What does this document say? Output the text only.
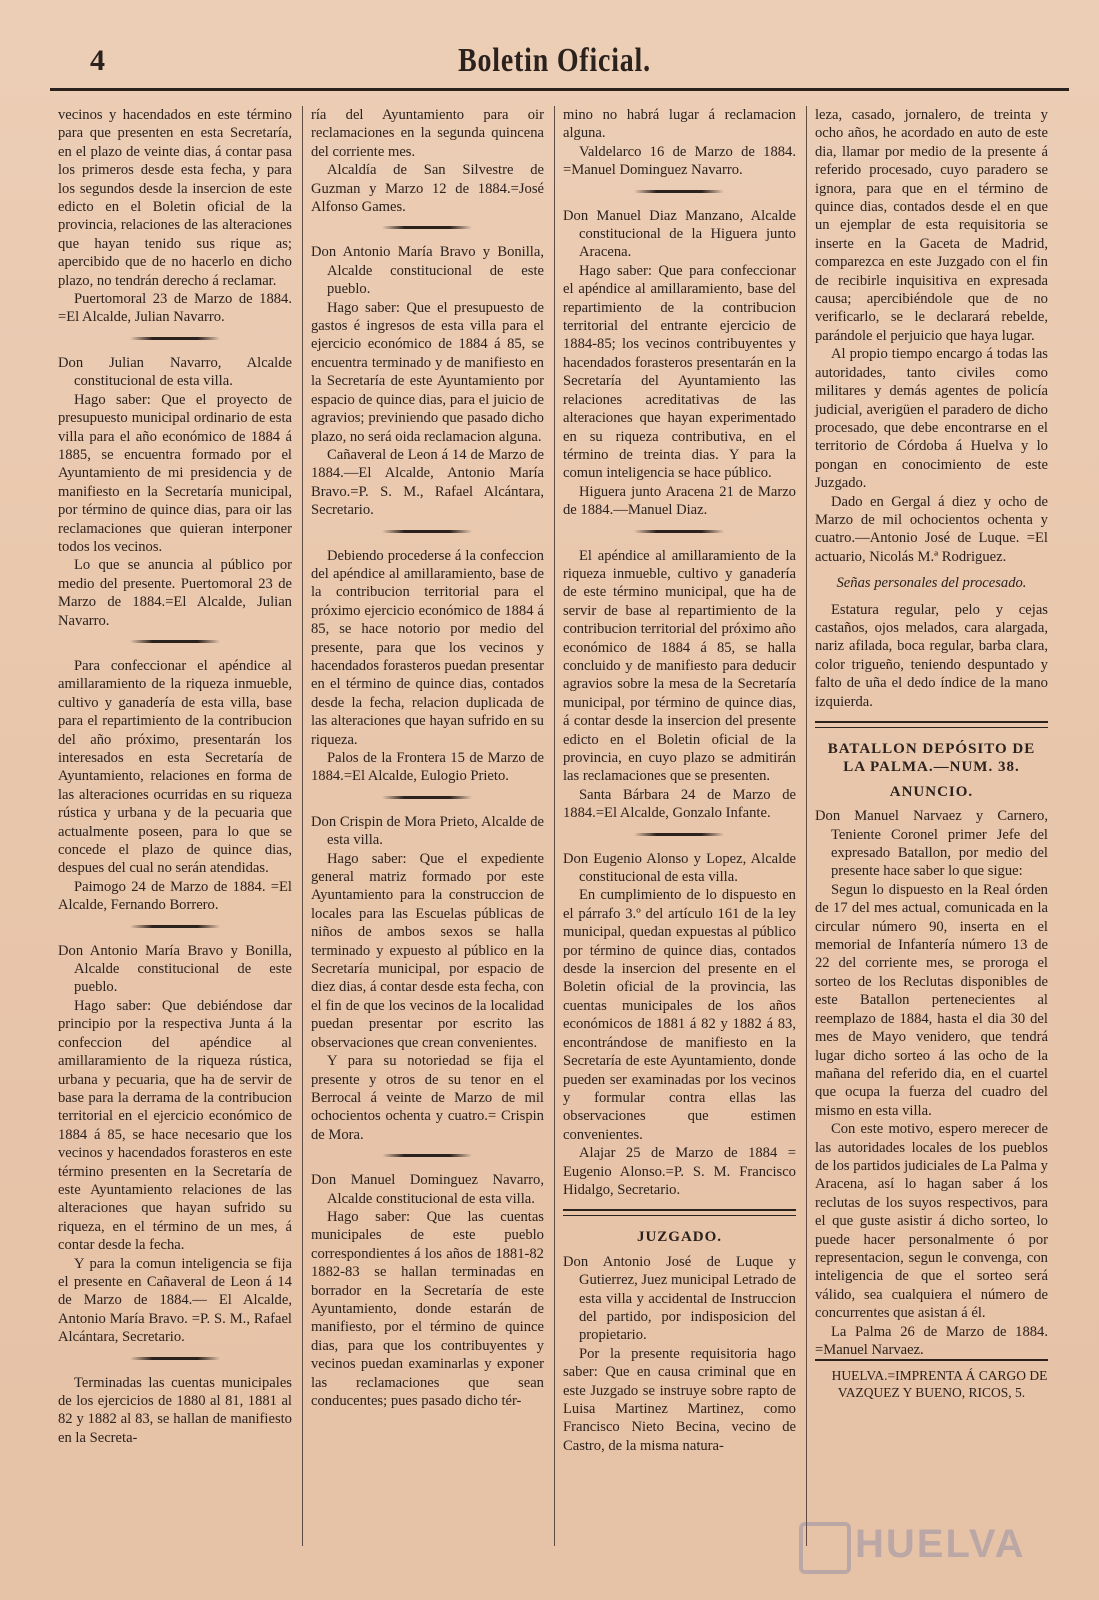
4	Boletin Oficial.

vecinos y hacendados en este término para que presenten en esta Secretaría, en el plazo de veinte dias, á contar pasa los primeros desde esta fecha, y para los segundos desde la insercion de este edicto en el Boletin oficial de la provincia, relaciones de las alteraciones que hayan tenido sus rique as; apercibido que de no hacerlo en dicho plazo, no tendrán derecho á reclamar.

Puertomoral 23 de Marzo de 1884. =El Alcalde, Julian Navarro.

Don Julian Navarro, Alcalde constitucional de esta villa.

Hago saber: Que el proyecto de presupuesto municipal ordinario de esta villa para el año económico de 1884 á 1885, se encuentra formado por el Ayuntamiento de mi presidencia y de manifiesto en la Secretaría municipal, por término de quince dias, para oir las reclamaciones que quieran interponer todos los vecinos.

Lo que se anuncia al público por medio del presente. Puertomoral 23 de Marzo de 1884.=El Alcalde, Julian Navarro.

Para confeccionar el apéndice al amillaramiento de la riqueza inmueble, cultivo y ganadería de esta villa, base para el repartimiento de la contribucion del año próximo, presentarán los interesados en esta Secretaría de Ayuntamiento, relaciones en forma de las alteraciones ocurridas en su riqueza rústica y urbana y de la pecuaria que actualmente poseen, para lo que se concede el plazo de quince dias, despues del cual no serán atendidas.

Paimogo 24 de Marzo de 1884. =El Alcalde, Fernando Borrero.

Don Antonio María Bravo y Bonilla, Alcalde constitucional de este pueblo.

Hago saber: Que debiéndose dar principio por la respectiva Junta á la confeccion del apéndice al amillaramiento de la riqueza rústica, urbana y pecuaria, que ha de servir de base para la derrama de la contribucion territorial en el ejercicio económico de 1884 á 85, se hace necesario que los vecinos y hacendados forasteros en este término presenten en la Secretaría de este Ayuntamiento relaciones de las alteraciones que hayan sufrido su riqueza, en el término de un mes, á contar desde la fecha.

Y para la comun inteligencia se fija el presente en Cañaveral de Leon á 14 de Marzo de 1884.— El Alcalde, Antonio María Bravo. =P. S. M., Rafael Alcántara, Secretario.

Terminadas las cuentas municipales de los ejercicios de 1880 al 81, 1881 al 82 y 1882 al 83, se hallan de manifiesto en la Secreta-

ría del Ayuntamiento para oir reclamaciones en la segunda quincena del corriente mes.

Alcaldía de San Silvestre de Guzman y Marzo 12 de 1884.=José Alfonso Games.

Don Antonio María Bravo y Bonilla, Alcalde constitucional de este pueblo.

Hago saber: Que el presupuesto de gastos é ingresos de esta villa para el ejercicio económico de 1884 á 85, se encuentra terminado y de manifiesto en la Secretaría de este Ayuntamiento por espacio de quince dias, para el juicio de agravios; previniendo que pasado dicho plazo, no será oida reclamacion alguna.

Cañaveral de Leon á 14 de Marzo de 1884.—El Alcalde, Antonio María Bravo.=P. S. M., Rafael Alcántara, Secretario.

Debiendo procederse á la confeccion del apéndice al amillaramiento, base de la contribucion territorial para el próximo ejercicio económico de 1884 á 85, se hace notorio por medio del presente, para que los vecinos y hacendados forasteros puedan presentar en el término de quince dias, contados desde la fecha, relacion duplicada de las alteraciones que hayan sufrido en su riqueza.

Palos de la Frontera 15 de Marzo de 1884.=El Alcalde, Eulogio Prieto.

Don Crispin de Mora Prieto, Alcalde de esta villa.

Hago saber: Que el expediente general matriz formado por este Ayuntamiento para la construccion de locales para las Escuelas públicas de niños de ambos sexos se halla terminado y expuesto al público en la Secretaría municipal, por espacio de diez dias, á contar desde esta fecha, con el fin de que los vecinos de la localidad puedan presentar por escrito las observaciones que crean convenientes.

Y para su notoriedad se fija el presente y otros de su tenor en el Berrocal á veinte de Marzo de mil ochocientos ochenta y cuatro.= Crispin de Mora.

Don Manuel Dominguez Navarro, Alcalde constitucional de esta villa.

Hago saber: Que las cuentas municipales de este pueblo correspondientes á los años de 1881-82 1882-83 se hallan terminadas en borrador en la Secretaría de este Ayuntamiento, donde estarán de manifiesto, por el término de quince dias, para que los contribuyentes y vecinos puedan examinarlas y exponer las reclamaciones que sean conducentes; pues pasado dicho tér-

mino no habrá lugar á reclamacion alguna.

Valdelarco 16 de Marzo de 1884. =Manuel Dominguez Navarro.

Don Manuel Diaz Manzano, Alcalde constitucional de la Higuera junto Aracena.

Hago saber: Que para confeccionar el apéndice al amillaramiento, base del repartimiento de la contribucion territorial del entrante ejercicio de 1884-85; los vecinos contribuyentes y hacendados forasteros presentarán en la Secretaría del Ayuntamiento las relaciones acreditativas de las alteraciones que hayan experimentado en su riqueza contributiva, en el término de treinta dias. Y para la comun inteligencia se hace público.

Higuera junto Aracena 21 de Marzo de 1884.—Manuel Diaz.

El apéndice al amillaramiento de la riqueza inmueble, cultivo y ganadería de este término municipal, que ha de servir de base al repartimiento de la contribucion territorial del próximo año económico de 1884 á 85, se halla concluido y de manifiesto para deducir agravios sobre la mesa de la Secretaría municipal, por término de quince dias, á contar desde la insercion del presente edicto en el Boletin oficial de la provincia, en cuyo plazo se admitirán las reclamaciones que se presenten.

Santa Bárbara 24 de Marzo de 1884.=El Alcalde, Gonzalo Infante.

Don Eugenio Alonso y Lopez, Alcalde constitucional de esta villa.

En cumplimiento de lo dispuesto en el párrafo 3.º del artículo 161 de la ley municipal, quedan expuestas al público por término de quince dias, contados desde la insercion del presente en el Boletin oficial de la provincia, las cuentas municipales de los años económicos de 1881 á 82 y 1882 á 83, encontrándose de manifiesto en la Secretaría de este Ayuntamiento, donde pueden ser examinadas por los vecinos y formular contra ellas las observaciones que estimen convenientes.

Alajar 25 de Marzo de 1884 = Eugenio Alonso.=P. S. M. Francisco Hidalgo, Secretario.

JUZGADO.

Don Antonio José de Luque y Gutierrez, Juez municipal Letrado de esta villa y accidental de Instruccion del partido, por indisposicion del propietario.

Por la presente requisitoria hago saber: Que en causa criminal que en este Juzgado se instruye sobre rapto de Luisa Martinez Martinez, como Francisco Nieto Becina, vecino de Castro, de la misma natura-

leza, casado, jornalero, de treinta y ocho años, he acordado en auto de este dia, llamar por medio de la presente á referido procesado, cuyo paradero se ignora, para que en el término de quince dias, contados desde el en que un ejemplar de esta requisitoria se inserte en la Gaceta de Madrid, comparezca en este Juzgado con el fin de recibirle inquisitiva en expresada causa; apercibiéndole que de no verificarlo, se le declarará rebelde, parándole el perjuicio que haya lugar.

Al propio tiempo encargo á todas las autoridades, tanto civiles como militares y demás agentes de policía judicial, averigüen el paradero de dicho procesado, que debe encontrarse en el territorio de Córdoba á Huelva y lo pongan en conocimiento de este Juzgado.

Dado en Gergal á diez y ocho de Marzo de mil ochocientos ochenta y cuatro.—Antonio José de Luque. =El actuario, Nicolás M.ª Rodriguez.

Señas personales del procesado.

Estatura regular, pelo y cejas castaños, ojos melados, cara alargada, nariz afilada, boca regular, barba clara, color trigueño, teniendo despuntado y falto de uña el dedo índice de la mano izquierda.

BATALLON DEPÓSITO DE LA PALMA.—NUM. 38.
ANUNCIO.

Don Manuel Narvaez y Carnero, Teniente Coronel primer Jefe del expresado Batallon, por medio del presente hace saber lo que sigue:

Segun lo dispuesto en la Real órden de 17 del mes actual, comunicada en la circular número 90, inserta en el memorial de Infantería número 13 de 22 del corriente mes, se proroga el sorteo de los Reclutas disponibles de este Batallon pertenecientes al reemplazo de 1884, hasta el dia 30 del mes de Mayo venidero, que tendrá lugar dicho sorteo á las ocho de la mañana del referido dia, en el cuartel que ocupa la fuerza del cuadro del mismo en esta villa.

Con este motivo, espero merecer de las autoridades locales de los pueblos de los partidos judiciales de La Palma y Aracena, así lo hagan saber á los reclutas de los suyos respectivos, para el que guste asistir á dicho sorteo, lo puede hacer personalmente ó por representacion, segun le convenga, con inteligencia de que el sorteo será válido, sea cualquiera el número de concurrentes que asistan á él.

La Palma 26 de Marzo de 1884. =Manuel Narvaez.

HUELVA.=IMPRENTA Á CARGO DE VAZQUEZ Y BUENO, RICOS, 5.

HUELVA
